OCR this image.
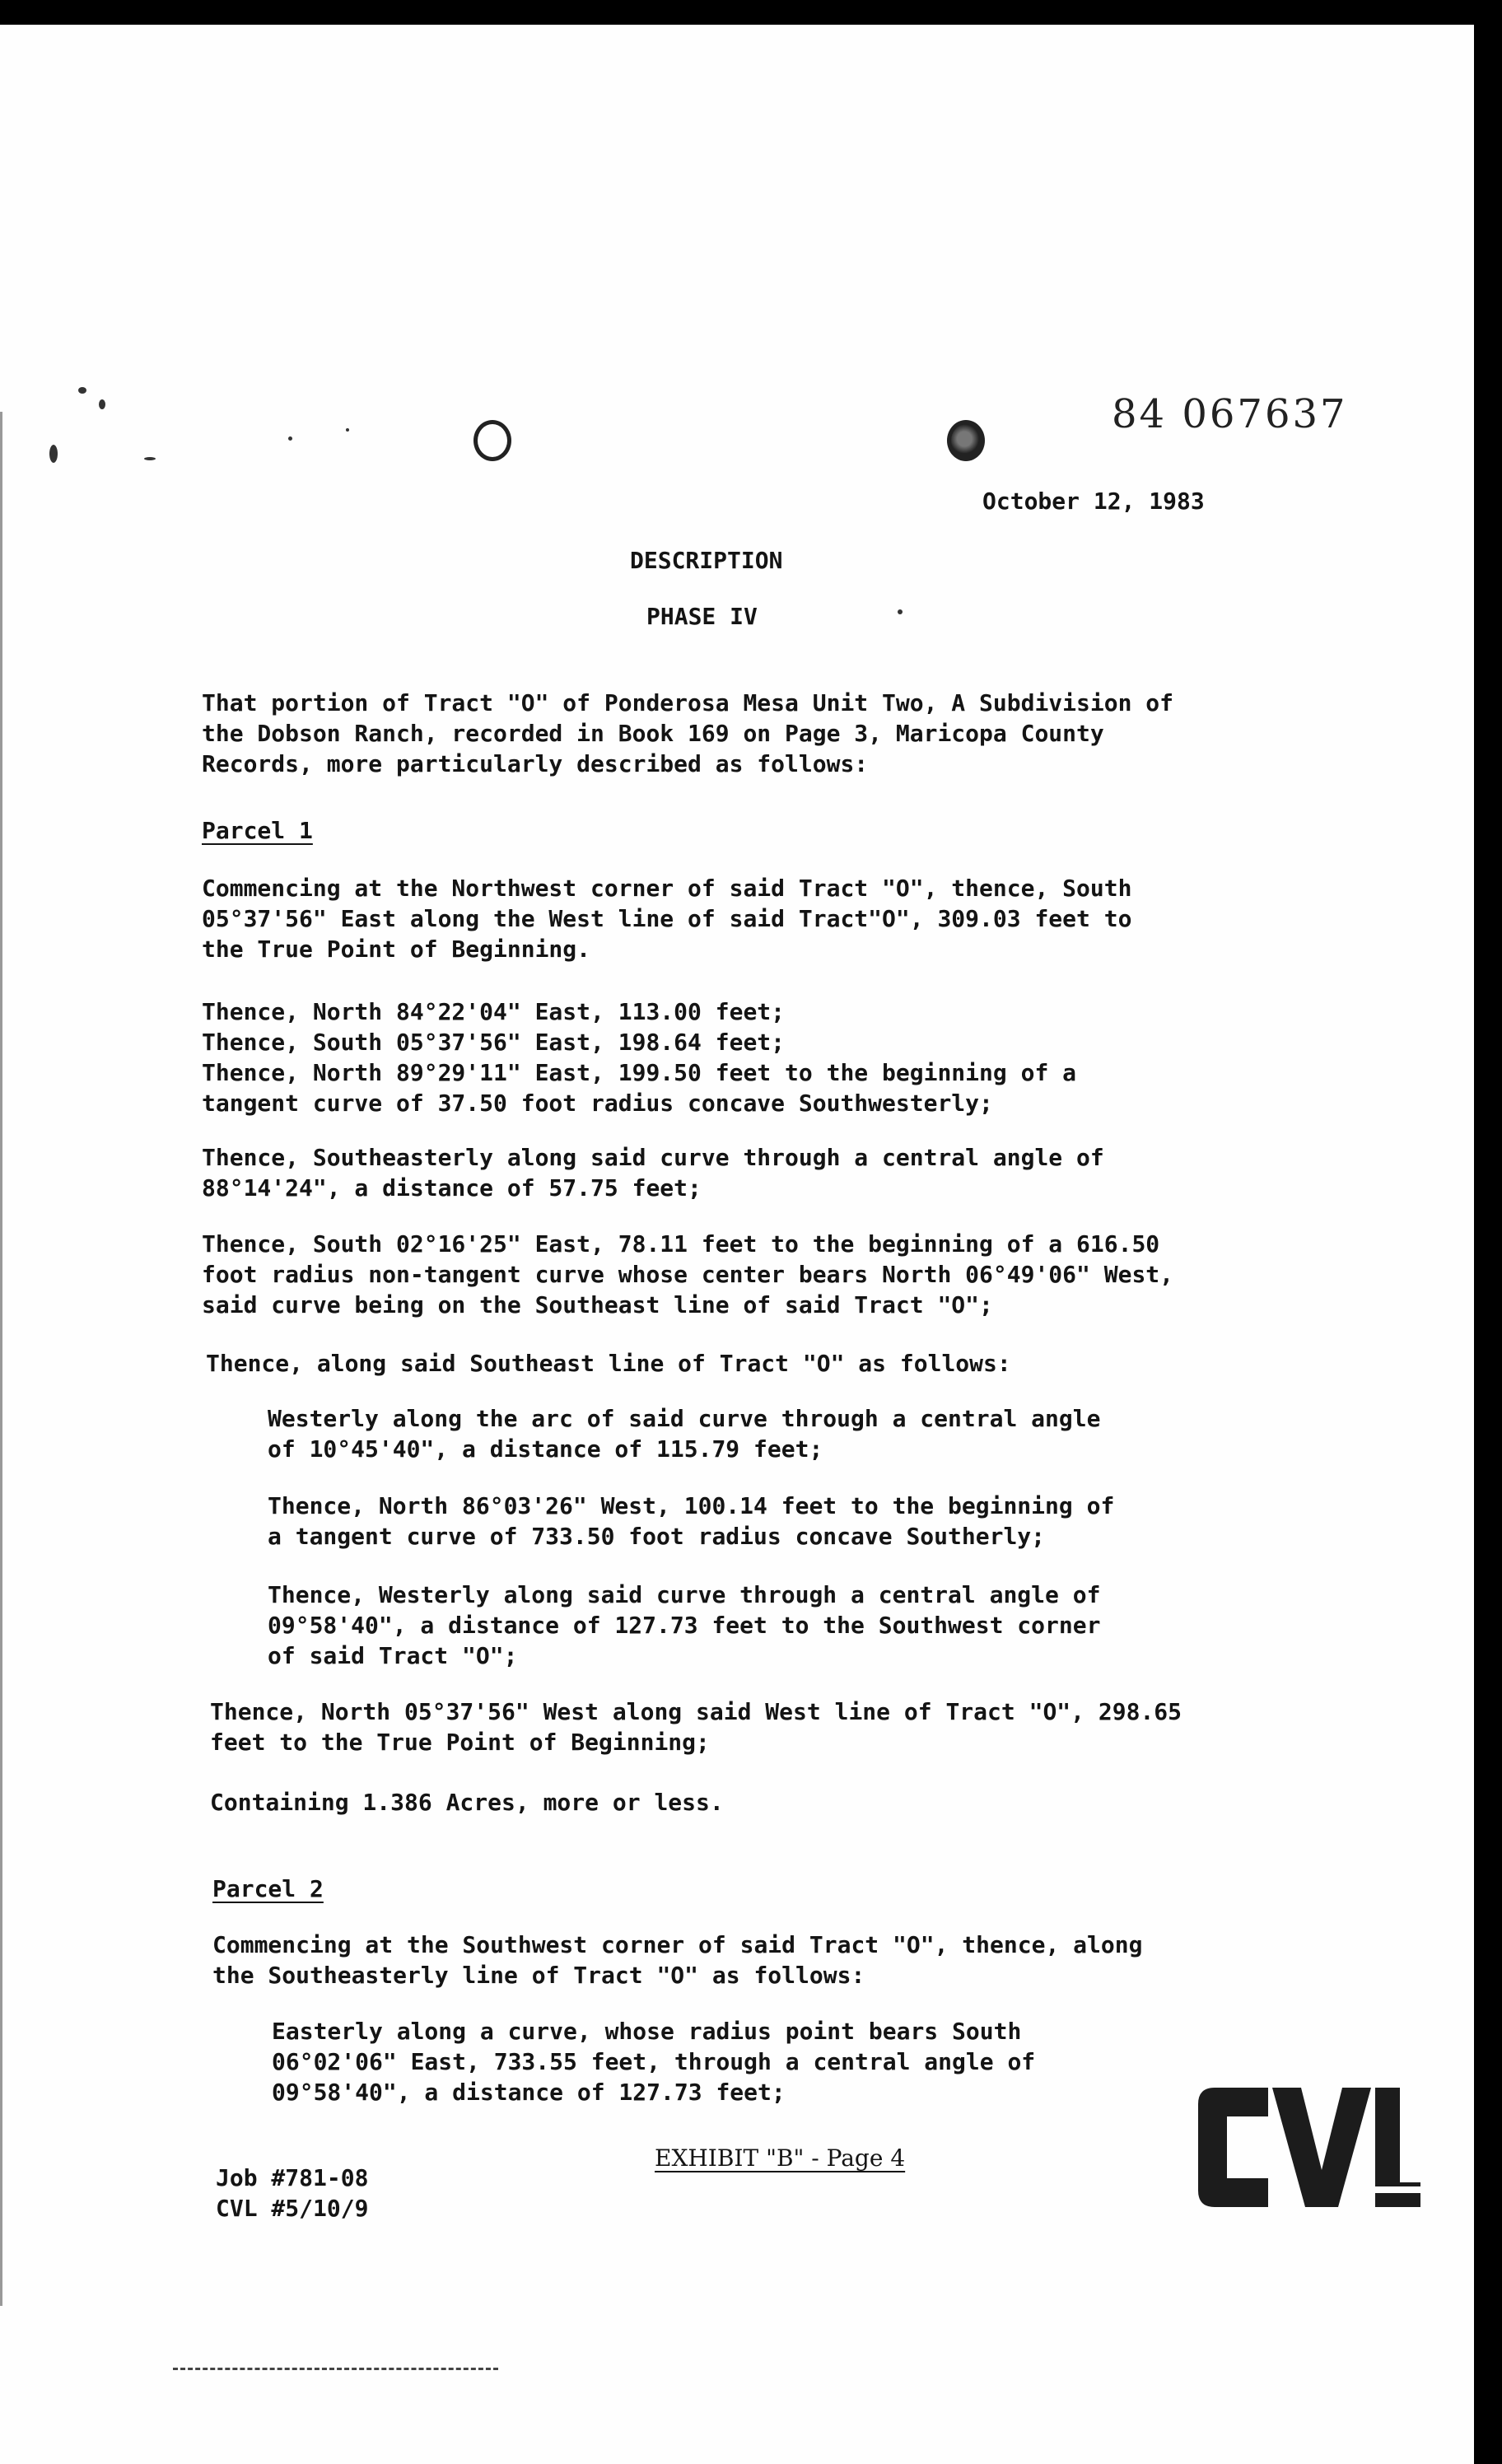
84 067637
October 12, 1983
DESCRIPTION
PHASE IV
That portion of Tract "O" of Ponderosa Mesa Unit Two, A Subdivision of
the Dobson Ranch, recorded in Book 169 on Page 3, Maricopa County
Records, more particularly described as follows:
Parcel 1
Commencing at the Northwest corner of said Tract "O", thence, South
05°37'56" East along the West line of said Tract"O", 309.03 feet to
the True Point of Beginning.
Thence, North 84°22'04" East, 113.00 feet;
Thence, South 05°37'56" East, 198.64 feet;
Thence, North 89°29'11" East, 199.50 feet to the beginning of a
tangent curve of 37.50 foot radius concave Southwesterly;
Thence, Southeasterly along said curve through a central angle of
88°14'24", a distance of 57.75 feet;
Thence, South 02°16'25" East, 78.11 feet to the beginning of a 616.50
foot radius non-tangent curve whose center bears North 06°49'06" West,
said curve being on the Southeast line of said Tract "O";
Thence, along said Southeast line of Tract "O" as follows:
Westerly along the arc of said curve through a central angle
of 10°45'40", a distance of 115.79 feet;
Thence, North 86°03'26" West, 100.14 feet to the beginning of
a tangent curve of 733.50 foot radius concave Southerly;
Thence, Westerly along said curve through a central angle of
09°58'40", a distance of 127.73 feet to the Southwest corner
of said Tract "O";
Thence, North 05°37'56" West along said West line of Tract "O", 298.65
feet to the True Point of Beginning;
Containing 1.386 Acres, more or less.
Parcel 2
Commencing at the Southwest corner of said Tract "O", thence, along
the Southeasterly line of Tract "O" as follows:
Easterly along a curve, whose radius point bears South
06°02'06" East, 733.55 feet, through a central angle of
09°58'40", a distance of 127.73 feet;
Job #781-08
CVL #5/10/9
EXHIBIT "B" - Page 4
